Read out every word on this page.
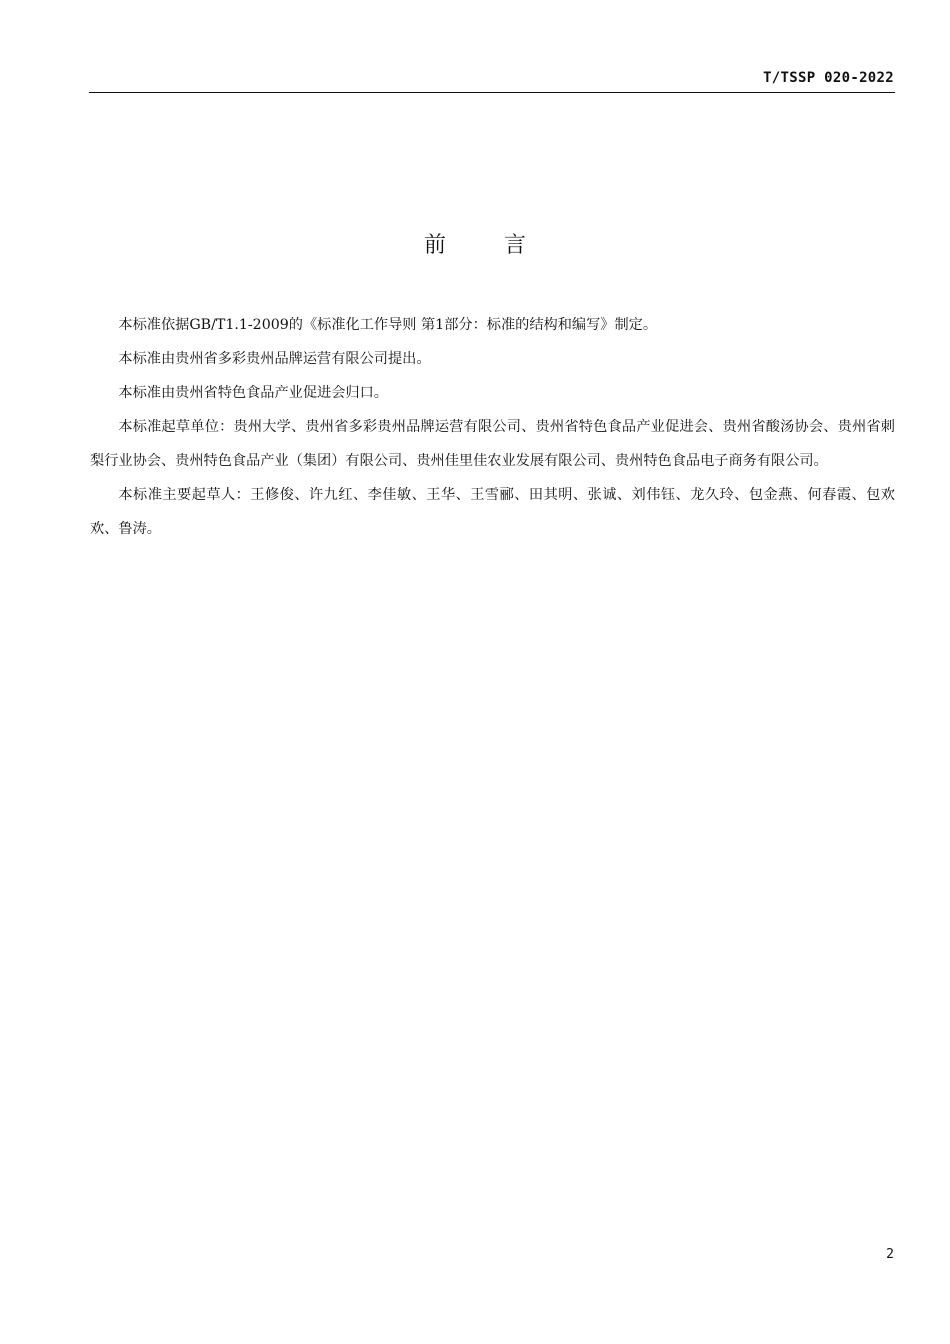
T/TSSP 020-2022
前	言

本标准依据GB/T1.1-2009的《标准化工作导则 第1部分：标准的结构和编写》制定。

本标准由贵州省多彩贵州品牌运营有限公司提出。

本标准由贵州省特色食品产业促进会归口。

本标准起草单位：贵州大学、贵州省多彩贵州品牌运营有限公司、贵州省特色食品产业促进会、贵州省酸汤协会、贵州省刺梨行业协会、贵州特色食品产业（集团）有限公司、贵州佳里佳农业发展有限公司、贵州特色食品电子商务有限公司。

本标准主要起草人：王修俊、许九红、李佳敏、王华、王雪郦、田其明、张诚、刘伟钰、龙久玲、包金燕、何春霞、包欢欢、鲁涛。

2
